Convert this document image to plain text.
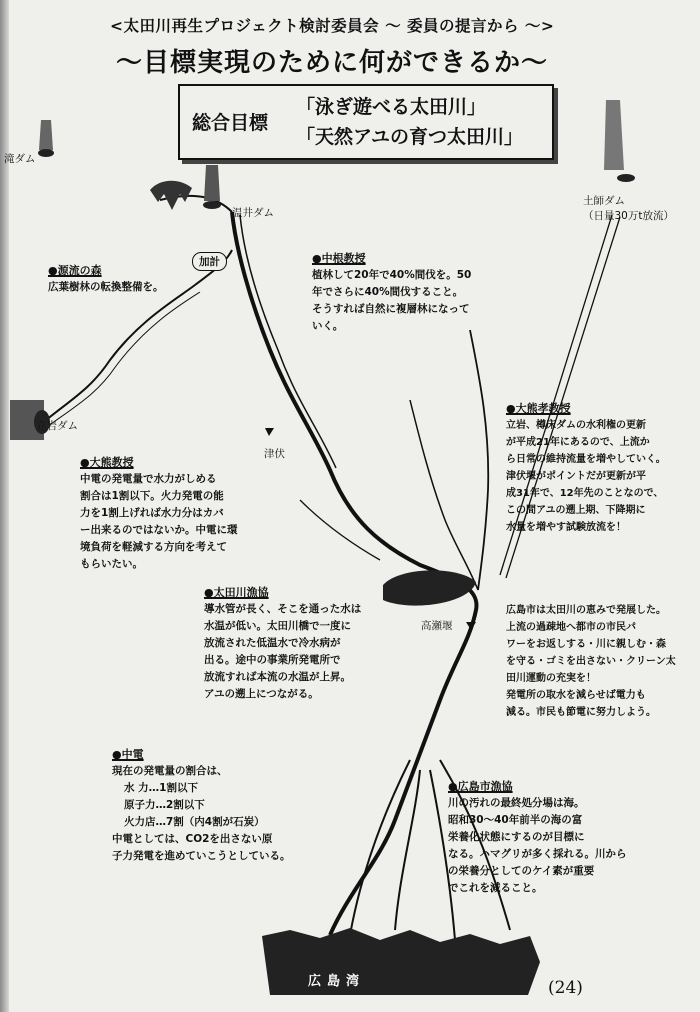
<太田川再生プロジェクト検討委員会 〜 委員の提言から 〜>
〜目標実現のために何ができるか〜
総合目標
「泳ぎ遊べる太田川」
「天然アユの育つ太田川」
滝ダム
温井ダム
加計
立岩ダム
津伏
土師ダム
（日量30万t放流）
高瀬堰
広島湾
●源流の森
広葉樹林の転換整備を。
●中根教授
植林して20年で40%間伐を。50
年でさらに40%間伐すること。
そうすれば自然に複層林になって
いく。
●大熊孝教授
立岩、樽床ダムの水利権の更新
が平成21年にあるので、上流か
ら日常の維持流量を増やしていく。
津伏堰がポイントだが更新が平
成31年で、12年先のことなので、
この間アユの遡上期、下降期に
水量を増やす試験放流を！
●大熊教授
中電の発電量で水力がしめる
割合は1割以下。火力発電の能
力を1割上げれば水力分はカバ
ー出来るのではないか。中電に環
境負荷を軽減する方向を考えて
もらいたい。
●太田川漁協
導水管が長く、そこを通った水は
水温が低い。太田川橋で一度に
放流された低温水で冷水病が
出る。途中の事業所発電所で
放流すれば本流の水温が上昇。
アユの遡上につながる。
広島市は太田川の恵みで発展した。
上流の過疎地へ都市の市民パ
ワーをお返しする・川に親しむ・森
を守る・ゴミを出さない・クリーン太
田川運動の充実を！
発電所の取水を減らせば電力も
減る。市民も節電に努力しよう。
●中電
現在の発電量の割合は、
水 力…1割以下
原子力…2割以下
火力店…7割（内4割が石炭）
中電としては、CO2を出さない原
子力発電を進めていこうとしている。
●広島市漁協
川の汚れの最終処分場は海。
昭和30〜40年前半の海の富
栄養化状態にするのが目標に
なる。ハマグリが多く採れる。川から
の栄養分としてのケイ素が重要
でこれを減ること。
(24)
